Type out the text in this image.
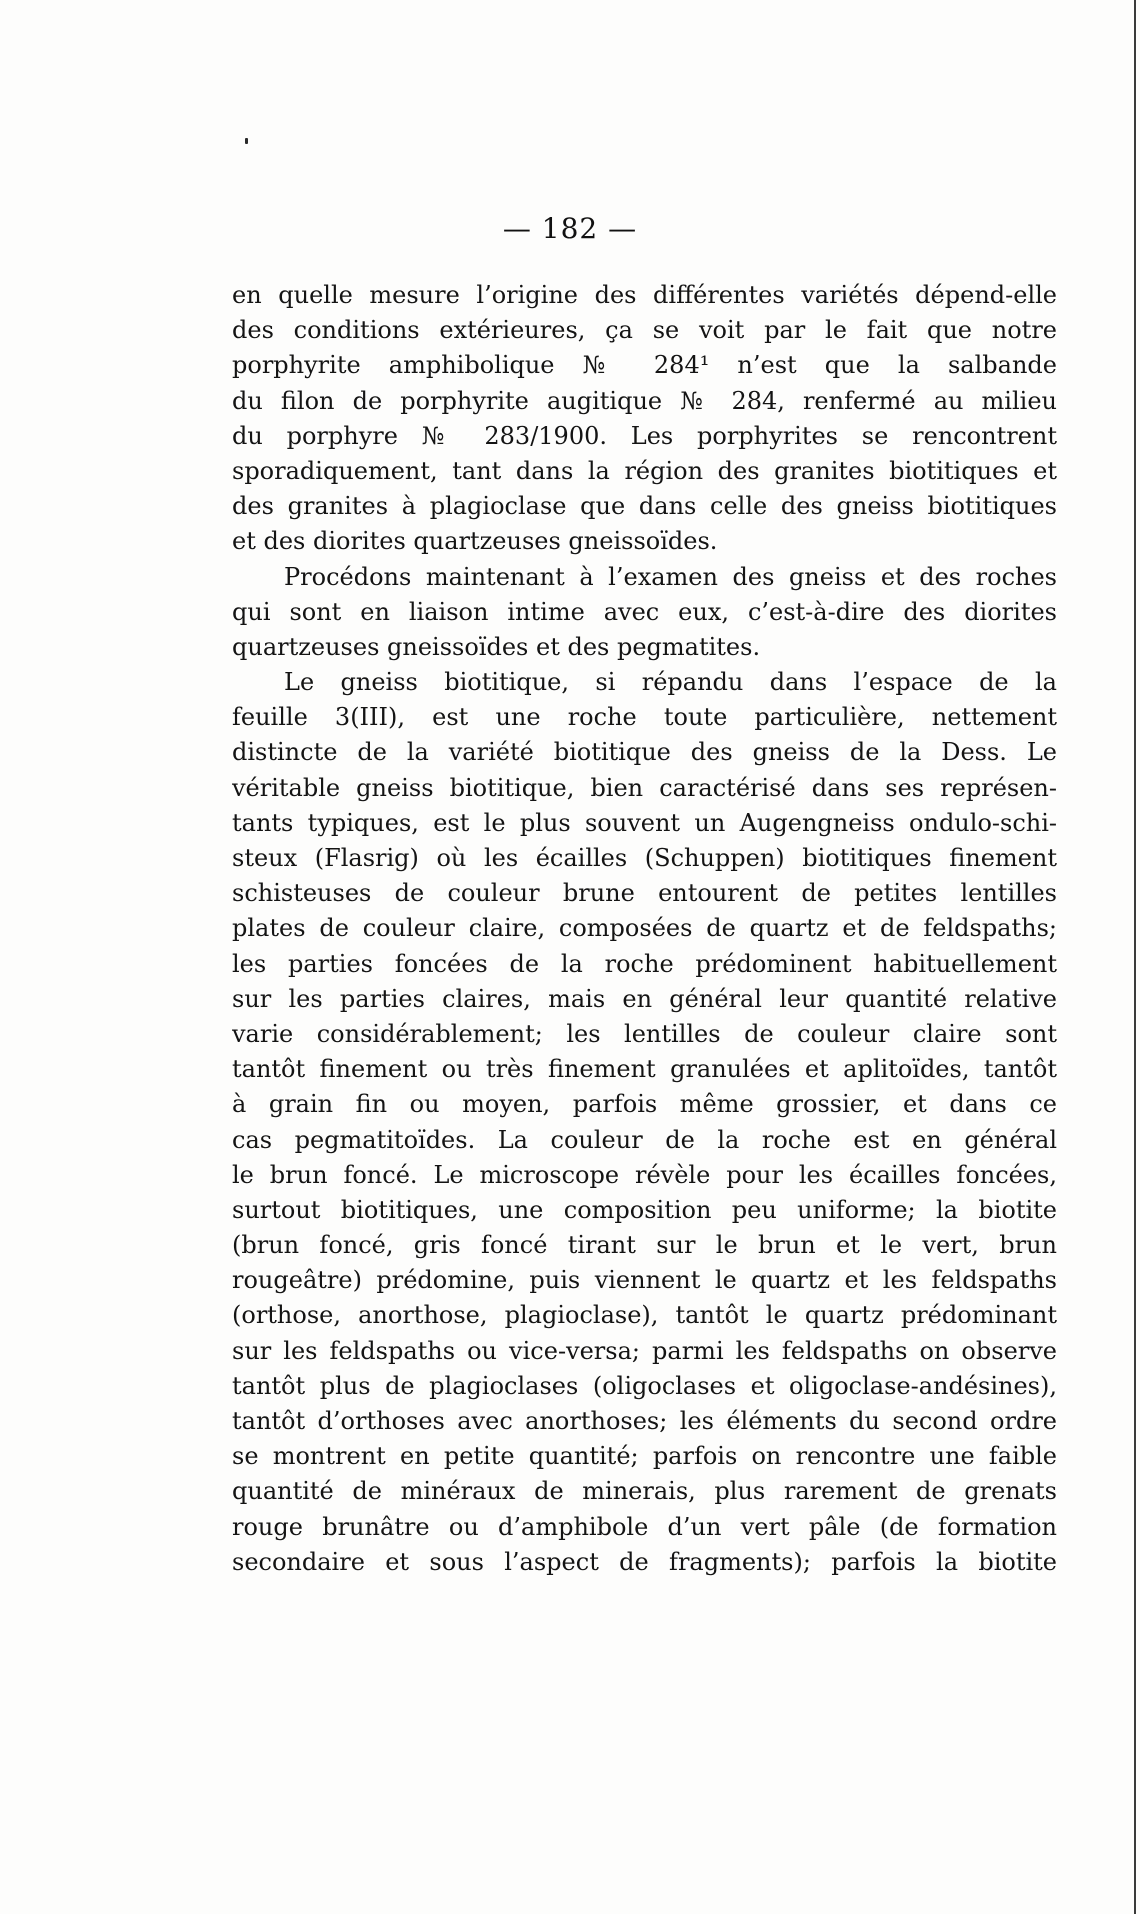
— 182 —
en quelle mesure l’origine des différentes variétés dépend-elle
des conditions extérieures, ça se voit par le fait que notre
porphyrite amphibolique № 284¹ n’est que la salbande
du filon de porphyrite augitique № 284, renfermé au milieu
du porphyre № 283/1900. Les porphyrites se rencontrent
sporadiquement, tant dans la région des granites biotitiques et
des granites à plagioclase que dans celle des gneiss biotitiques
et des diorites quartzeuses gneissoïdes.
Procédons maintenant à l’examen des gneiss et des roches
qui sont en liaison intime avec eux, c’est-à-dire des diorites
quartzeuses gneissoïdes et des pegmatites.
Le gneiss biotitique, si répandu dans l’espace de la
feuille 3(III), est une roche toute particulière, nettement
distincte de la variété biotitique des gneiss de la Dess. Le
véritable gneiss biotitique, bien caractérisé dans ses représen-
tants typiques, est le plus souvent un Augengneiss ondulo-schi-
steux (Flasrig) où les écailles (Schuppen) biotitiques finement
schisteuses de couleur brune entourent de petites lentilles
plates de couleur claire, composées de quartz et de feldspaths;
les parties foncées de la roche prédominent habituellement
sur les parties claires, mais en général leur quantité relative
varie considérablement; les lentilles de couleur claire sont
tantôt finement ou très finement granulées et aplitoïdes, tantôt
à grain fin ou moyen, parfois même grossier, et dans ce
cas pegmatitoïdes. La couleur de la roche est en général
le brun foncé. Le microscope révèle pour les écailles foncées,
surtout biotitiques, une composition peu uniforme; la biotite
(brun foncé, gris foncé tirant sur le brun et le vert, brun
rougeâtre) prédomine, puis viennent le quartz et les feldspaths
(orthose, anorthose, plagioclase), tantôt le quartz prédominant
sur les feldspaths ou vice-versa; parmi les feldspaths on observe
tantôt plus de plagioclases (oligoclases et oligoclase-andésines),
tantôt d’orthoses avec anorthoses; les éléments du second ordre
se montrent en petite quantité; parfois on rencontre une faible
quantité de minéraux de minerais, plus rarement de grenats
rouge brunâtre ou d’amphibole d’un vert pâle (de formation
secondaire et sous l’aspect de fragments); parfois la biotite
